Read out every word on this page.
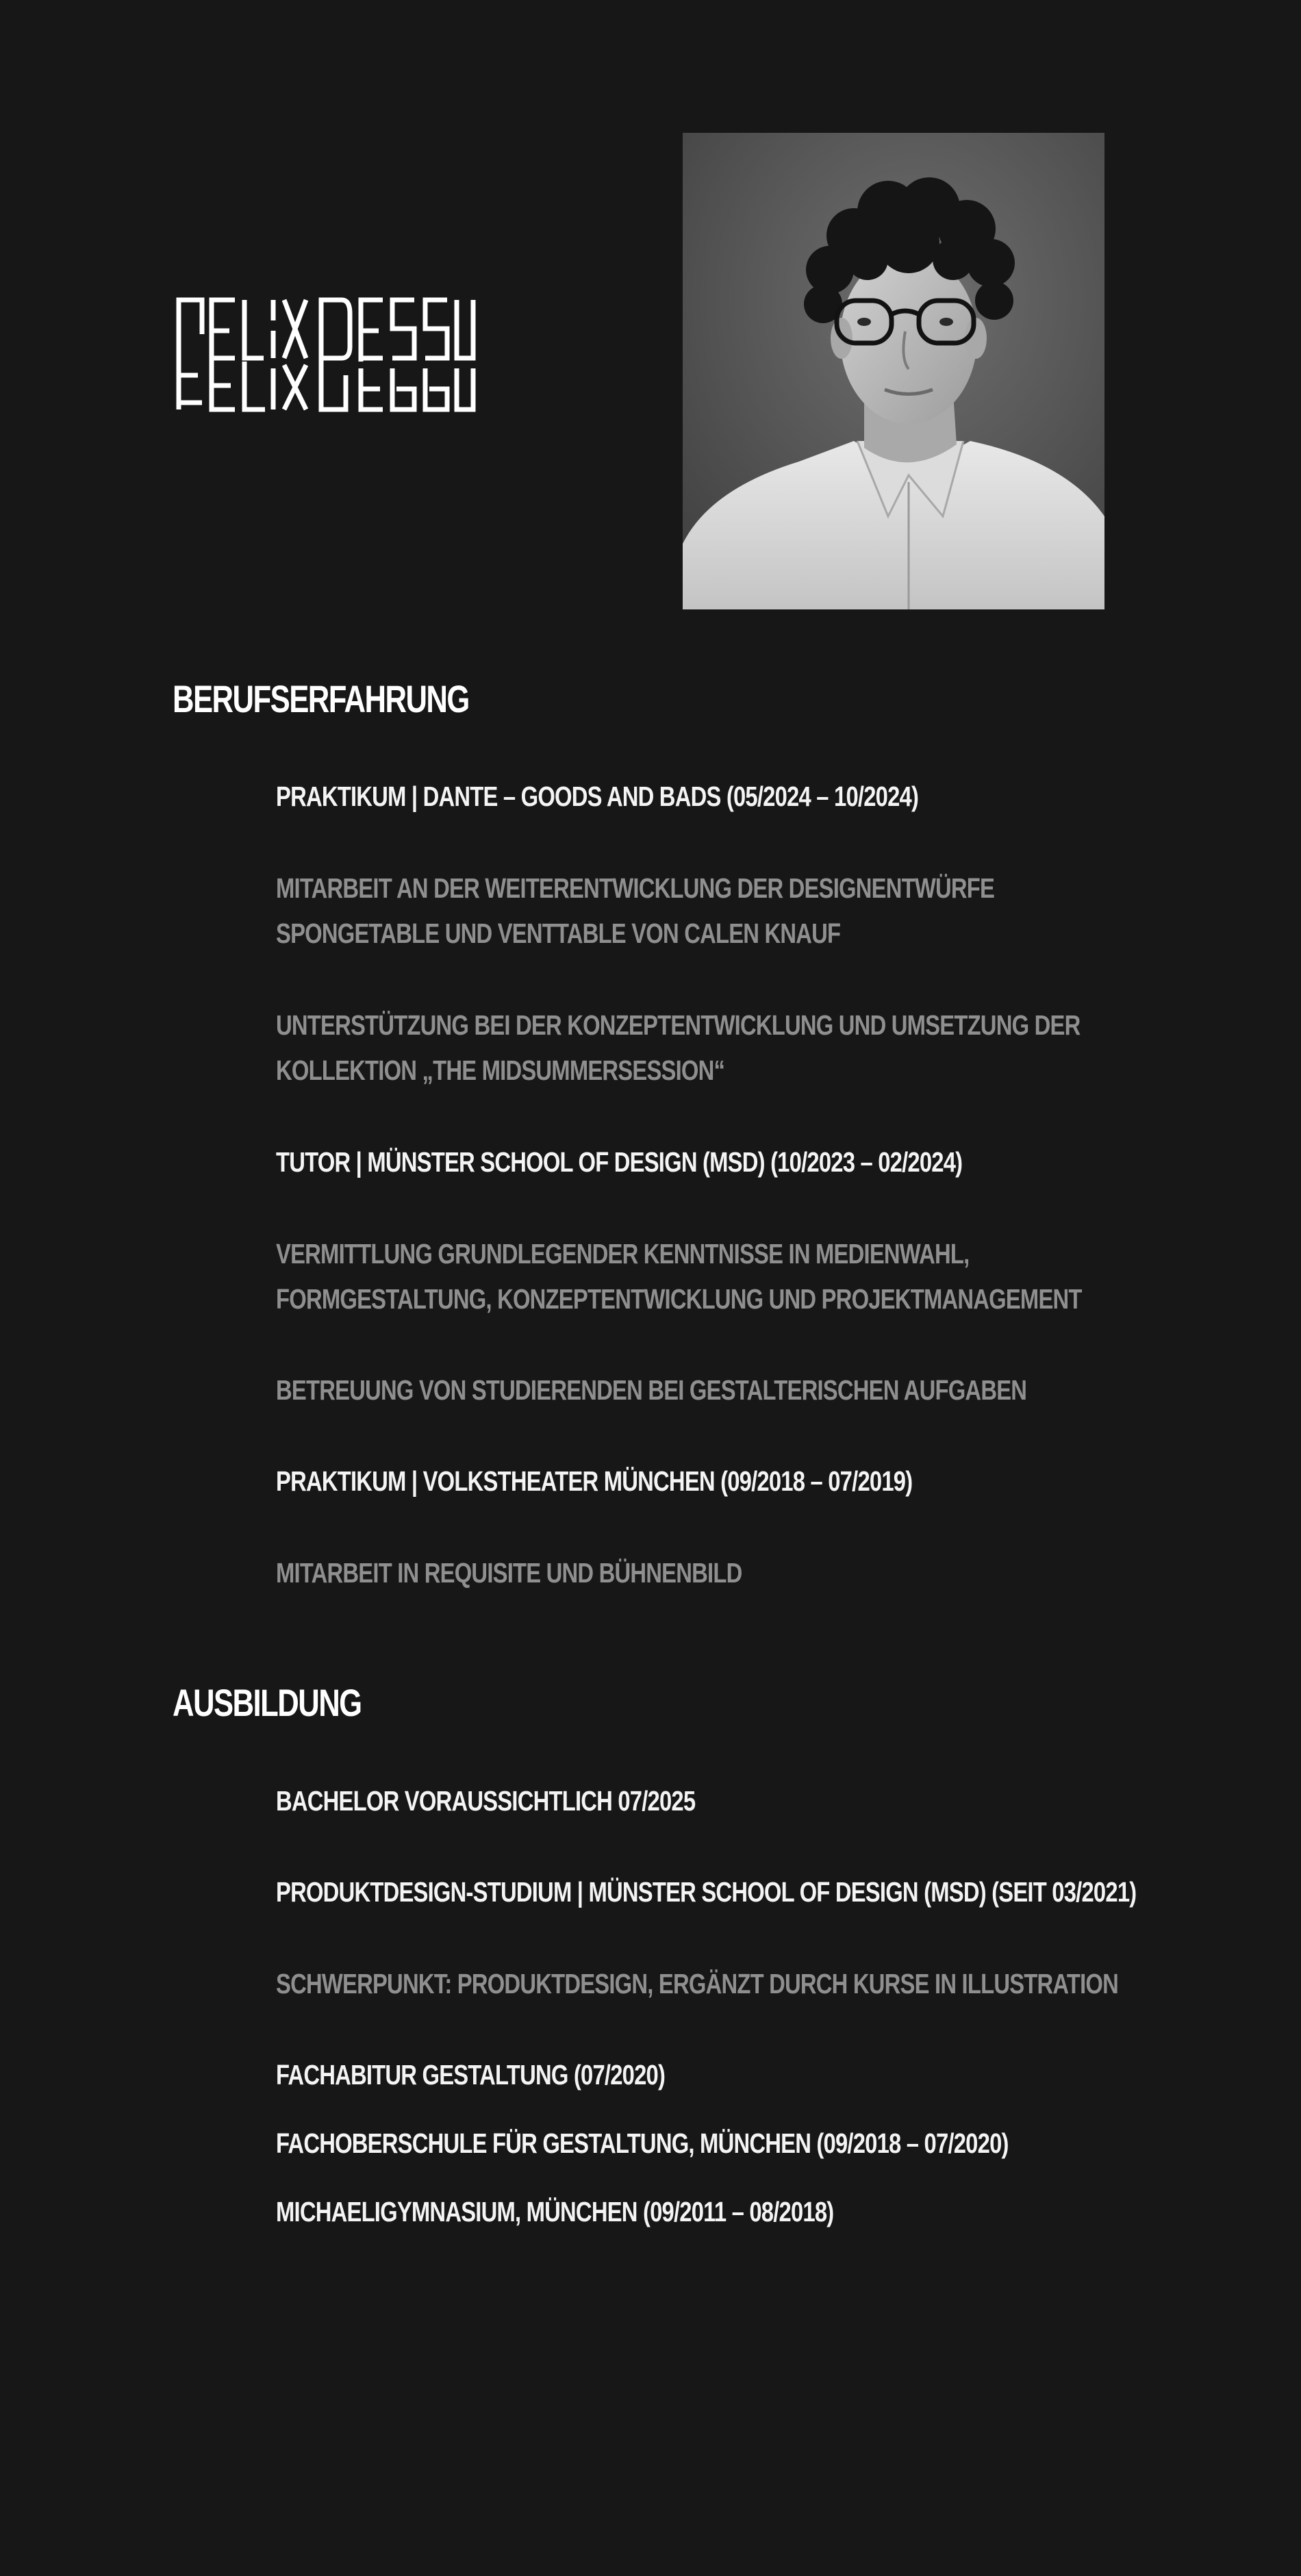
BERUFSERFAHRUNG

PRAKTIKUM | DANTE – GOODS AND BADS (05/2024 – 10/2024)

MITARBEIT AN DER WEITERENTWICKLUNG DER DESIGNENTWÜRFE
SPONGETABLE UND VENTTABLE VON CALEN KNAUF

UNTERSTÜTZUNG BEI DER KONZEPTENTWICKLUNG UND UMSETZUNG DER
KOLLEKTION „THE MIDSUMMERSESSION“

TUTOR | MÜNSTER SCHOOL OF DESIGN (MSD) (10/2023 – 02/2024)

VERMITTLUNG GRUNDLEGENDER KENNTNISSE IN MEDIENWAHL,
FORMGESTALTUNG, KONZEPTENTWICKLUNG UND PROJEKTMANAGEMENT

BETREUUNG VON STUDIERENDEN BEI GESTALTERISCHEN AUFGABEN

PRAKTIKUM | VOLKSTHEATER MÜNCHEN (09/2018 – 07/2019)

MITARBEIT IN REQUISITE UND BÜHNENBILD

AUSBILDUNG

BACHELOR VORAUSSICHTLICH 07/2025

PRODUKTDESIGN-STUDIUM | MÜNSTER SCHOOL OF DESIGN (MSD) (SEIT 03/2021)

SCHWERPUNKT: PRODUKTDESIGN, ERGÄNZT DURCH KURSE IN ILLUSTRATION

FACHABITUR GESTALTUNG (07/2020)

FACHOBERSCHULE FÜR GESTALTUNG, MÜNCHEN (09/2018 – 07/2020)

MICHAELIGYMNASIUM, MÜNCHEN (09/2011 – 08/2018)
